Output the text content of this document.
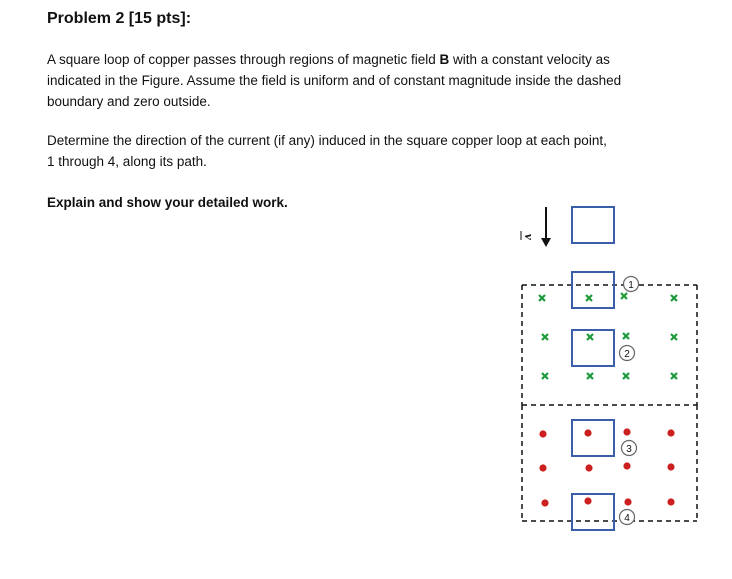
Problem 2 [15 pts]:

A square loop of copper passes through regions of magnetic field B with a constant velocity as
indicated in the Figure. Assume the field is uniform and of constant magnitude inside the dashed
boundary and zero outside.

Determine the direction of the current (if any) induced in the square copper loop at each point,
1 through 4, along its path.

Explain and show your detailed work.

v
1
2
3
4
